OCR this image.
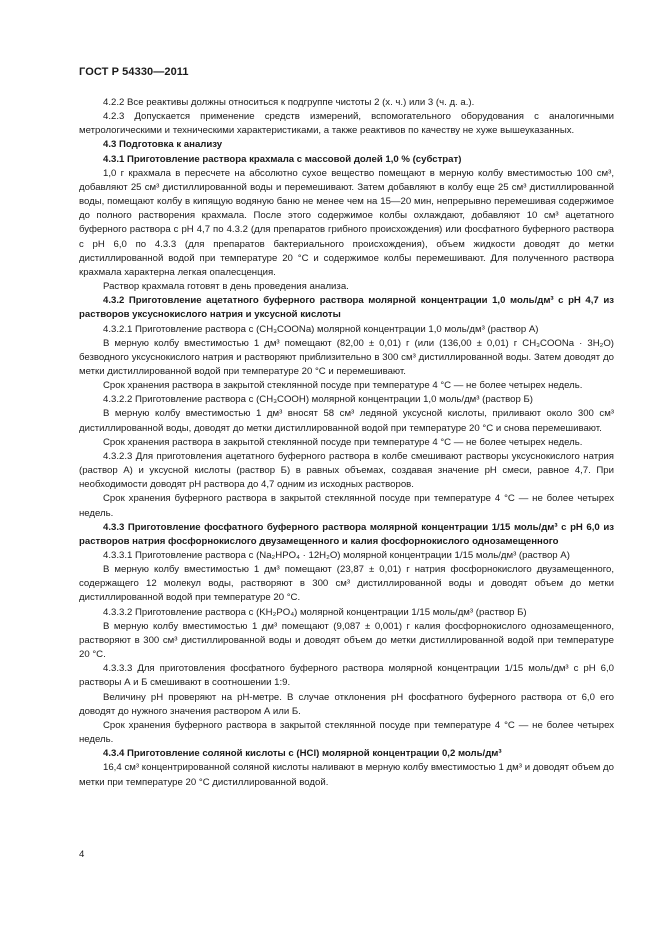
ГОСТ Р 54330—2011

4.2.2 Все реактивы должны относиться к подгруппе чистоты 2 (х. ч.) или 3 (ч. д. а.).

4.2.3 Допускается применение средств измерений, вспомогательного оборудования с аналогичными метрологическими и техническими характеристиками, а также реактивов по качеству не хуже вышеуказанных.

4.3 Подготовка к анализу

4.3.1 Приготовление раствора крахмала с массовой долей 1,0 % (субстрат)

1,0 г крахмала в пересчете на абсолютно сухое вещество помещают в мерную колбу вместимостью 100 см³, добавляют 25 см³ дистиллированной воды и перемешивают. Затем добавляют в колбу еще 25 см³ дистиллированной воды, помещают колбу в кипящую водяную баню не менее чем на 15—20 мин, непрерывно перемешивая содержимое до полного растворения крахмала. После этого содержимое колбы охлаждают, добавляют 10 см³ ацетатного буферного раствора с рН 4,7 по 4.3.2 (для препаратов грибного происхождения) или фосфатного буферного раствора с рН 6,0 по 4.3.3 (для препаратов бактериального происхождения), объем жидкости доводят до метки дистиллированной водой при температуре 20 °С и содержимое колбы перемешивают. Для полученного раствора крахмала характерна легкая опалесценция.

Раствор крахмала готовят в день проведения анализа.

4.3.2 Приготовление ацетатного буферного раствора молярной концентрации 1,0 моль/дм³ с рН 4,7 из растворов уксуснокислого натрия и уксусной кислоты

4.3.2.1 Приготовление раствора с (CH₃COONa) молярной концентрации 1,0 моль/дм³ (раствор А)

В мерную колбу вместимостью 1 дм³ помещают (82,00 ± 0,01) г (или (136,00 ± 0,01) г CH₃COONa · 3H₂O) безводного уксуснокислого натрия и растворяют приблизительно в 300 см³ дистиллированной воды. Затем доводят до метки дистиллированной водой при температуре 20 °С и перемешивают.

Срок хранения раствора в закрытой стеклянной посуде при температуре 4 °С — не более четырех недель.

4.3.2.2 Приготовление раствора с (CH₃COOH) молярной концентрации 1,0 моль/дм³ (раствор Б)

В мерную колбу вместимостью 1 дм³ вносят 58 см³ ледяной уксусной кислоты, приливают около 300 см³ дистиллированной воды, доводят до метки дистиллированной водой при температуре 20 °С и снова перемешивают.

Срок хранения раствора в закрытой стеклянной посуде при температуре 4 °С — не более четырех недель.

4.3.2.3 Для приготовления ацетатного буферного раствора в колбе смешивают растворы уксуснокислого натрия (раствор А) и уксусной кислоты (раствор Б) в равных объемах, создавая значение рН смеси, равное 4,7. При необходимости доводят рН раствора до 4,7 одним из исходных растворов.

Срок хранения буферного раствора в закрытой стеклянной посуде при температуре 4 °С — не более четырех недель.

4.3.3 Приготовление фосфатного буферного раствора молярной концентрации 1/15 моль/дм³ с рН 6,0 из растворов натрия фосфорнокислого двузамещенного и калия фосфорнокислого однозамещенного

4.3.3.1 Приготовление раствора с (Na₂HPO₄ · 12H₂O) молярной концентрации 1/15 моль/дм³ (раствор А)

В мерную колбу вместимостью 1 дм³ помещают (23,87 ± 0,01) г натрия фосфорнокислого двузамещенного, содержащего 12 молекул воды, растворяют в 300 см³ дистиллированной воды и доводят объем до метки дистиллированной водой при температуре 20 °С.

4.3.3.2 Приготовление раствора с (KH₂PO₄) молярной концентрации 1/15 моль/дм³ (раствор Б)

В мерную колбу вместимостью 1 дм³ помещают (9,087 ± 0,001) г калия фосфорнокислого однозамещенного, растворяют в 300 см³ дистиллированной воды и доводят объем до метки дистиллированной водой при температуре 20 °С.

4.3.3.3 Для приготовления фосфатного буферного раствора молярной концентрации 1/15 моль/дм³ с рН 6,0 растворы А и Б смешивают в соотношении 1:9.

Величину рН проверяют на рН-метре. В случае отклонения рН фосфатного буферного раствора от 6,0 его доводят до нужного значения раствором А или Б.

Срок хранения буферного раствора в закрытой стеклянной посуде при температуре 4 °С — не более четырех недель.

4.3.4 Приготовление соляной кислоты с (HCl) молярной концентрации 0,2 моль/дм³

16,4 см³ концентрированной соляной кислоты наливают в мерную колбу вместимостью 1 дм³ и доводят объем до метки при температуре 20 °С дистиллированной водой.

4
